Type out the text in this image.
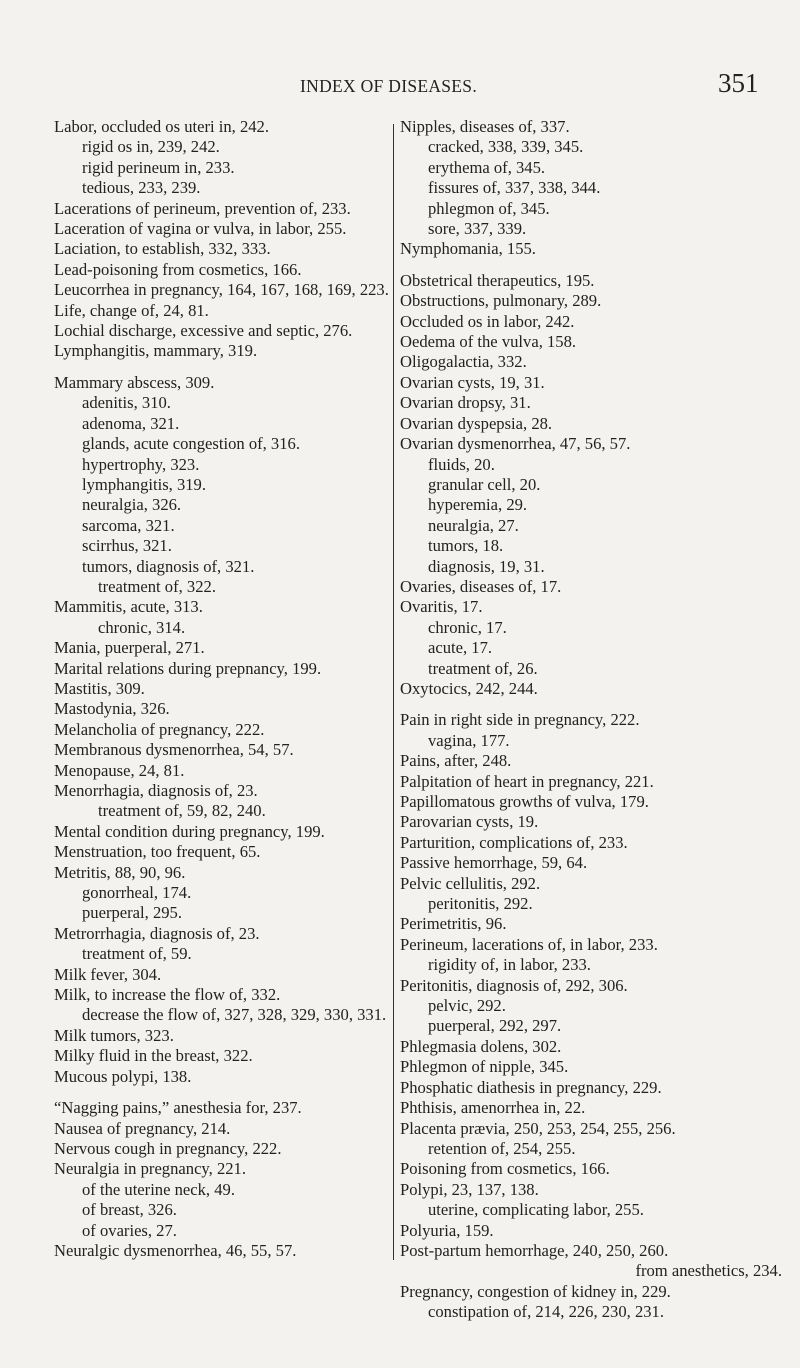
INDEX OF DISEASES.	351
Labor, occluded os uteri in, 242.
rigid os in, 239, 242.
rigid perineum in, 233.
tedious, 233, 239.
Lacerations of perineum, prevention of, 233.
Laceration of vagina or vulva, in labor, 255.
Laciation, to establish, 332, 333.
Lead-poisoning from cosmetics, 166.
Leucorrhea in pregnancy, 164, 167, 168, 169, 223.
Life, change of, 24, 81.
Lochial discharge, excessive and septic, 276.
Lymphangitis, mammary, 319.
Mammary abscess, 309.
adenitis, 310.
adenoma, 321.
glands, acute congestion of, 316.
hypertrophy, 323.
lymphangitis, 319.
neuralgia, 326.
sarcoma, 321.
scirrhus, 321.
tumors, diagnosis of, 321.
treatment of, 322.
Mammitis, acute, 313.
chronic, 314.
Mania, puerperal, 271.
Marital relations during prepnancy, 199.
Mastitis, 309.
Mastodynia, 326.
Melancholia of pregnancy, 222.
Membranous dysmenorrhea, 54, 57.
Menopause, 24, 81.
Menorrhagia, diagnosis of, 23.
treatment of, 59, 82, 240.
Mental condition during pregnancy, 199.
Menstruation, too frequent, 65.
Metritis, 88, 90, 96.
gonorrheal, 174.
puerperal, 295.
Metrorrhagia, diagnosis of, 23.
treatment of, 59.
Milk fever, 304.
Milk, to increase the flow of, 332.
decrease the flow of, 327, 328, 329, 330, 331.
Milk tumors, 323.
Milky fluid in the breast, 322.
Mucous polypi, 138.
“Nagging pains,” anesthesia for, 237.
Nausea of pregnancy, 214.
Nervous cough in pregnancy, 222.
Neuralgia in pregnancy, 221.
of the uterine neck, 49.
of breast, 326.
of ovaries, 27.
Neuralgic dysmenorrhea, 46, 55, 57.
Nipples, diseases of, 337.
cracked, 338, 339, 345.
erythema of, 345.
fissures of, 337, 338, 344.
phlegmon of, 345.
sore, 337, 339.
Nymphomania, 155.
Obstetrical therapeutics, 195.
Obstructions, pulmonary, 289.
Occluded os in labor, 242.
Oedema of the vulva, 158.
Oligogalactia, 332.
Ovarian cysts, 19, 31.
Ovarian dropsy, 31.
Ovarian dyspepsia, 28.
Ovarian dysmenorrhea, 47, 56, 57.
fluids, 20.
granular cell, 20.
hyperemia, 29.
neuralgia, 27.
tumors, 18.
diagnosis, 19, 31.
Ovaries, diseases of, 17.
Ovaritis, 17.
chronic, 17.
acute, 17.
treatment of, 26.
Oxytocics, 242, 244.
Pain in right side in pregnancy, 222.
vagina, 177.
Pains, after, 248.
Palpitation of heart in pregnancy, 221.
Papillomatous growths of vulva, 179.
Parovarian cysts, 19.
Parturition, complications of, 233.
Passive hemorrhage, 59, 64.
Pelvic cellulitis, 292.
peritonitis, 292.
Perimetritis, 96.
Perineum, lacerations of, in labor, 233.
rigidity of, in labor, 233.
Peritonitis, diagnosis of, 292, 306.
pelvic, 292.
puerperal, 292, 297.
Phlegmasia dolens, 302.
Phlegmon of nipple, 345.
Phosphatic diathesis in pregnancy, 229.
Phthisis, amenorrhea in, 22.
Placenta prævia, 250, 253, 254, 255, 256.
retention of, 254, 255.
Poisoning from cosmetics, 166.
Polypi, 23, 137, 138.
uterine, complicating labor, 255.
Polyuria, 159.
Post-partum hemorrhage, 240, 250, 260.
from anesthetics, 234.
Pregnancy, congestion of kidney in, 229.
constipation of, 214, 226, 230, 231.
